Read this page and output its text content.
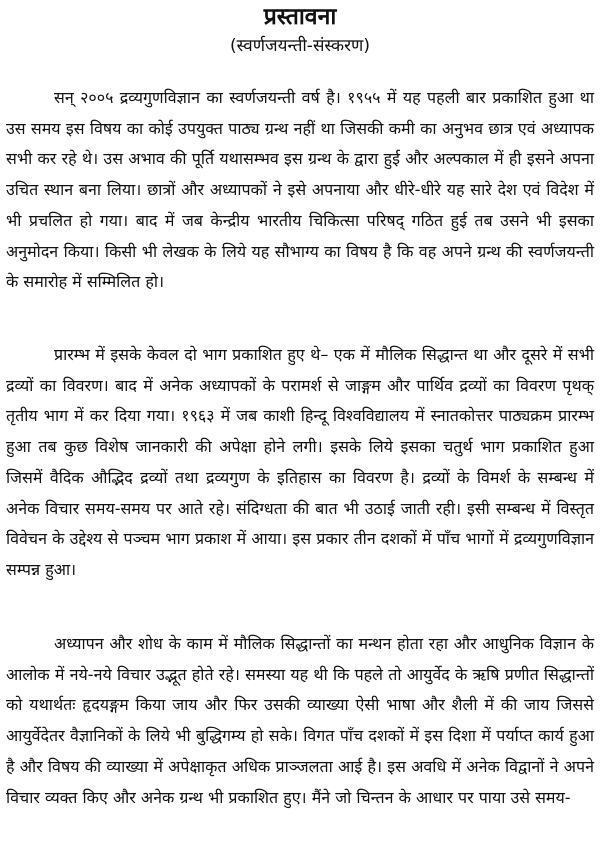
प्रस्तावना
(स्वर्णजयन्ती-संस्करण)

सन् २००५ द्रव्यगुणविज्ञान का स्वर्णजयन्ती वर्ष है। १९५५ में यह पहली बार प्रकाशित हुआ था उस समय इस विषय का कोई उपयुक्त पाठ्य ग्रन्थ नहीं था जिसकी कमी का अनुभव छात्र एवं अध्यापक सभी कर रहे थे। उस अभाव की पूर्ति यथासम्भव इस ग्रन्थ के द्वारा हुई और अल्पकाल में ही इसने अपना उचित स्थान बना लिया। छात्रों और अध्यापकों ने इसे अपनाया और धीरे-धीरे यह सारे देश एवं विदेश में भी प्रचलित हो गया। बाद में जब केन्द्रीय भारतीय चिकित्सा परिषद् गठित हुई तब उसने भी इसका अनुमोदन किया। किसी भी लेखक के लिये यह सौभाग्य का विषय है कि वह अपने ग्रन्थ की स्वर्णजयन्ती के समारोह में सम्मिलित हो।

प्रारम्भ में इसके केवल दो भाग प्रकाशित हुए थे– एक में मौलिक सिद्धान्त था और दूसरे में सभी द्रव्यों का विवरण। बाद में अनेक अध्यापकों के परामर्श से जाङ्गम और पार्थिव द्रव्यों का विवरण पृथक् तृतीय भाग में कर दिया गया। १९६३ में जब काशी हिन्दू विश्वविद्यालय में स्नातकोत्तर पाठ्यक्रम प्रारम्भ हुआ तब कुछ विशेष जानकारी की अपेक्षा होने लगी। इसके लिये इसका चतुर्थ भाग प्रकाशित हुआ जिसमें वैदिक औद्भिद द्रव्यों तथा द्रव्यगुण के इतिहास का विवरण है। द्रव्यों के विमर्श के सम्बन्ध में अनेक विचार समय-समय पर आते रहे। संदिग्धता की बात भी उठाई जाती रही। इसी सम्बन्ध में विस्तृत विवेचन के उद्देश्य से पञ्चम भाग प्रकाश में आया। इस प्रकार तीन दशकों में पाँच भागों में द्रव्यगुणविज्ञान सम्पन्न हुआ।

अध्यापन और शोध के काम में मौलिक सिद्धान्तों का मन्थन होता रहा और आधुनिक विज्ञान के आलोक में नये-नये विचार उद्भूत होते रहे। समस्या यह थी कि पहले तो आयुर्वेद के ऋषि प्रणीत सिद्धान्तों को यथार्थतः हृदयङ्गम किया जाय और फिर उसकी व्याख्या ऐसी भाषा और शैली में की जाय जिससे आयुर्वेदेतर वैज्ञानिकों के लिये भी बुद्धिगम्य हो सके। विगत पाँच दशकों में इस दिशा में पर्याप्त कार्य हुआ है और विषय की व्याख्या में अपेक्षाकृत अधिक प्राञ्जलता आई है। इस अवधि में अनेक विद्वानों ने अपने विचार व्यक्त किए और अनेक ग्रन्थ भी प्रकाशित हुए। मैंने जो चिन्तन के आधार पर पाया उसे समय-
